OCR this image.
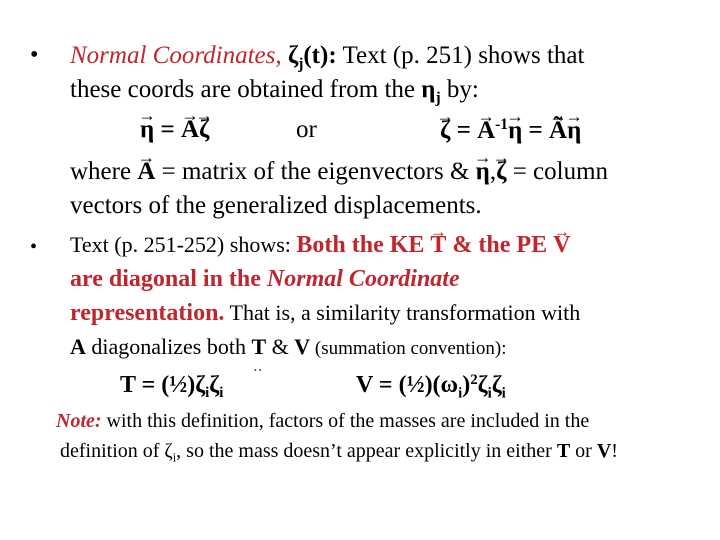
• Normal Coordinates, $\zeta_j(t)$: Text (p. 251) shows that
these coords are obtained from the $\eta_j$ by:
→ η = → A→ ζ	or
→	ζ = → $A^{-1}\to \eta$ = → Ã→ η
where → A = matrix of the eigenvectors & → η,→ ζ = column
vectors of the generalized displacements.
• Text (p. 251-252) shows: Both the KE → T & the PE → V
are diagonal in the Normal Coordinate
representation. That is, a similarity transformation with
A diagonalizes both T & V (summation convention):
$T = (\frac{1}{2})\zeta_i\zeta_i$
• •
$V = (\frac{1}{2})(\omega_i)^2\zeta_i\zeta_i$
Note: with this definition, factors of the masses are included in the
definition of $\zeta_i$, so the mass doesn’t appear explicitly in either T or V!
